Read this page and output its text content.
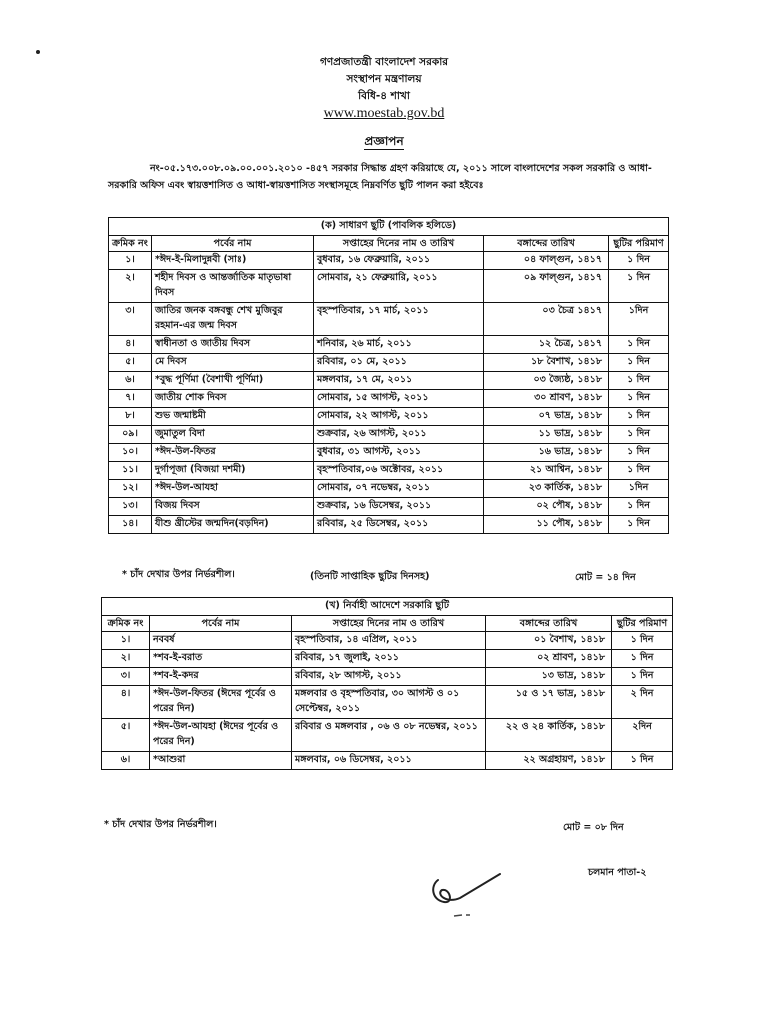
গণপ্রজাতন্ত্রী বাংলাদেশ সরকার
সংস্থাপন মন্ত্রণালয়
বিধি-৪ শাখা
www.moestab.gov.bd
প্রজ্ঞাপন
নং-০৫.১৭৩.০০৮.০৯.০০.০০১.২০১০ -৪৫৭ সরকার সিদ্ধান্ত গ্রহণ করিয়াছে যে, ২০১১ সালে বাংলাদেশের সকল সরকারি ও আধা-সরকারি অফিস এবং স্বায়ত্তশাসিত ও আধা-স্বায়ত্তশাসিত সংস্থাসমূহে নিম্নবর্ণিত ছুটি পালন করা হইবেঃ
(ক) সাধারণ ছুটি (পাবলিক হলিডে)				
ক্রমিক নং	পর্বের নাম	সপ্তাহের দিনের নাম ও তারিখ	বঙ্গাব্দের তারিখ	ছুটির পরিমাণ
১।	*ঈদ-ই-মিলাদুন্নবী (সাঃ)	বুধবার, ১৬ ফেব্রুয়ারি, ২০১১	০৪ ফাল্গুন, ১৪১৭	১ দিন
২।	শহীদ দিবস ও আন্তর্জাতিক মাতৃভাষা দিবস	সোমবার, ২১ ফেব্রুয়ারি, ২০১১	০৯ ফাল্গুন, ১৪১৭	১ দিন
৩।	জাতির জনক বঙ্গবন্ধু শেখ মুজিবুর রহমান-এর জন্ম দিবস	বৃহস্পতিবার, ১৭ মার্চ, ২০১১	০৩ চৈত্র ১৪১৭	১দিন
৪।	স্বাধীনতা ও জাতীয় দিবস	শনিবার, ২৬ মার্চ, ২০১১	১২ চৈত্র, ১৪১৭	১ দিন
৫।	মে দিবস	রবিবার, ০১ মে, ২০১১	১৮ বৈশাখ, ১৪১৮	১ দিন
৬।	*বুদ্ধ পূর্ণিমা (বৈশাখী পূর্ণিমা)	মঙ্গলবার, ১৭ মে, ২০১১	০৩ জ্যৈষ্ঠ, ১৪১৮	১ দিন
৭।	জাতীয় শোক দিবস	সোমবার, ১৫ আগস্ট, ২০১১	৩০ শ্রাবণ, ১৪১৮	১ দিন
৮।	শুভ জন্মাষ্টমী	সোমবার, ২২ আগস্ট, ২০১১	০৭ ভাদ্র, ১৪১৮	১ দিন
০৯।	জুমাতুল বিদা	শুক্রবার, ২৬ আগস্ট, ২০১১	১১ ভাদ্র, ১৪১৮	১ দিন
১০।	*ঈদ-উল-ফিতর	বুধবার, ৩১ আগস্ট, ২০১১	১৬ ভাদ্র, ১৪১৮	১ দিন
১১।	দুর্গাপূজা (বিজয়া দশমী)	বৃহস্পতিবার,০৬ অক্টোবর, ২০১১	২১ আশ্বিন, ১৪১৮	১ দিন
১২।	*ঈদ-উল-আযহা	সোমবার, ০৭ নভেম্বর, ২০১১	২৩ কার্তিক, ১৪১৮	১দিন
১৩।	বিজয় দিবস	শুক্রবার, ১৬ ডিসেম্বর, ২০১১	০২ পৌষ, ১৪১৮	১ দিন
১৪।	যীশু খ্রীস্টের জন্মদিন(বড়দিন)	রবিবার, ২৫ ডিসেম্বর, ২০১১	১১ পৌষ, ১৪১৮	১ দিন
* চাঁদ দেখার উপর নির্ভরশীল।	(তিনটি সাপ্তাহিক ছুটির দিনসহ)	মোট = ১৪ দিন
(খ) নির্বাহী আদেশে সরকারি ছুটি				
ক্রমিক নং	পর্বের নাম	সপ্তাহের দিনের নাম ও তারিখ	বঙ্গাব্দের তারিখ	ছুটির পরিমাণ
১।	নববর্ষ	বৃহস্পতিবার, ১৪ এপ্রিল, ২০১১	০১ বৈশাখ, ১৪১৮	১ দিন
২।	*শব-ই-বরাত	রবিবার, ১৭ জুলাই, ২০১১	০২ শ্রাবণ, ১৪১৮	১ দিন
৩।	*শব-ই-কদর	রবিবার, ২৮ আগস্ট, ২০১১	১৩ ভাদ্র, ১৪১৮	১ দিন
৪।	*ঈদ-উল-ফিতর (ঈদের পূর্বের ও পরের দিন)	মঙ্গলবার ও বৃহস্পতিবার, ৩০ আগস্ট ও ০১ সেপ্টেম্বর, ২০১১	১৫ ও ১৭ ভাদ্র, ১৪১৮	২ দিন
৫।	*ঈদ-উল-আযহা (ঈদের পূর্বের ও পরের দিন)	রবিবার ও মঙ্গলবার , ০৬ ও ০৮ নভেম্বর, ২০১১	২২ ও ২৪ কার্তিক, ১৪১৮	২দিন
৬।	*আশুরা	মঙ্গলবার, ০৬ ডিসেম্বর, ২০১১	২২ অগ্রহায়ণ, ১৪১৮	১ দিন
* চাঁদ দেখার উপর নির্ভরশীল।	মোট = ০৮ দিন
চলমান পাতা-২
